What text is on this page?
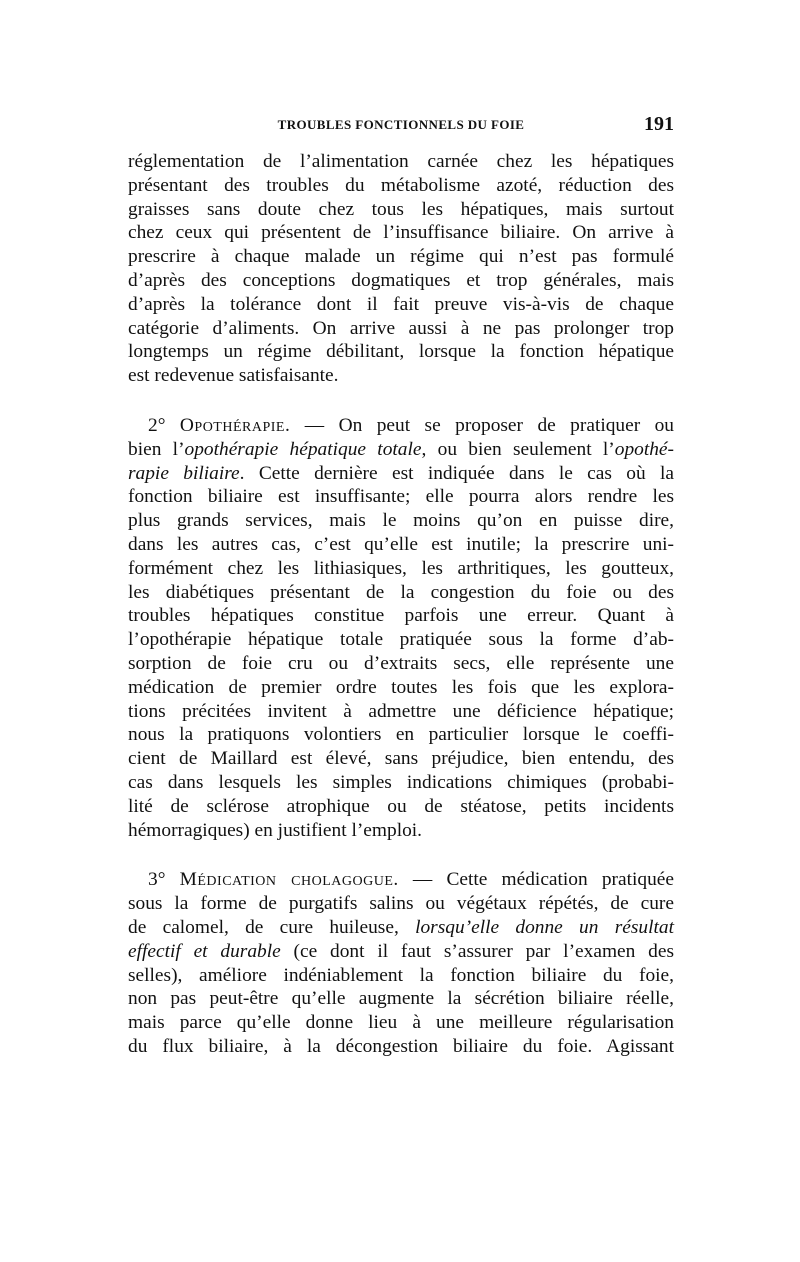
TROUBLES FONCTIONNELS DU FOIE	191

réglementation de l’alimentation carnée chez les hépatiques
présentant des troubles du métabolisme azoté, réduction des
graisses sans doute chez tous les hépatiques, mais surtout
chez ceux qui présentent de l’insuffisance biliaire. On arrive à
prescrire à chaque malade un régime qui n’est pas formulé
d’après des conceptions dogmatiques et trop générales, mais
d’après la tolérance dont il fait preuve vis-à-vis de chaque
catégorie d’aliments. On arrive aussi à ne pas prolonger trop
longtemps un régime débilitant, lorsque la fonction hépatique
est redevenue satisfaisante.

2° Opothérapie. — On peut se proposer de pratiquer ou
bien l’opothérapie hépatique totale, ou bien seulement l’opothé-
rapie biliaire. Cette dernière est indiquée dans le cas où la
fonction biliaire est insuffisante; elle pourra alors rendre les
plus grands services, mais le moins qu’on en puisse dire,
dans les autres cas, c’est qu’elle est inutile; la prescrire uni-
formément chez les lithiasiques, les arthritiques, les goutteux,
les diabétiques présentant de la congestion du foie ou des
troubles hépatiques constitue parfois une erreur. Quant à
l’opothérapie hépatique totale pratiquée sous la forme d’ab-
sorption de foie cru ou d’extraits secs, elle représente une
médication de premier ordre toutes les fois que les explora-
tions précitées invitent à admettre une déficience hépatique;
nous la pratiquons volontiers en particulier lorsque le coeffi-
cient de Maillard est élevé, sans préjudice, bien entendu, des
cas dans lesquels les simples indications chimiques (probabi-
lité de sclérose atrophique ou de stéatose, petits incidents
hémorragiques) en justifient l’emploi.

3° Médication cholagogue. — Cette médication pratiquée
sous la forme de purgatifs salins ou végétaux répétés, de cure
de calomel, de cure huileuse, lorsqu’elle donne un résultat
effectif et durable (ce dont il faut s’assurer par l’examen des
selles), améliore indéniablement la fonction biliaire du foie,
non pas peut-être qu’elle augmente la sécrétion biliaire réelle,
mais parce qu’elle donne lieu à une meilleure régularisation
du flux biliaire, à la décongestion biliaire du foie. Agissant
